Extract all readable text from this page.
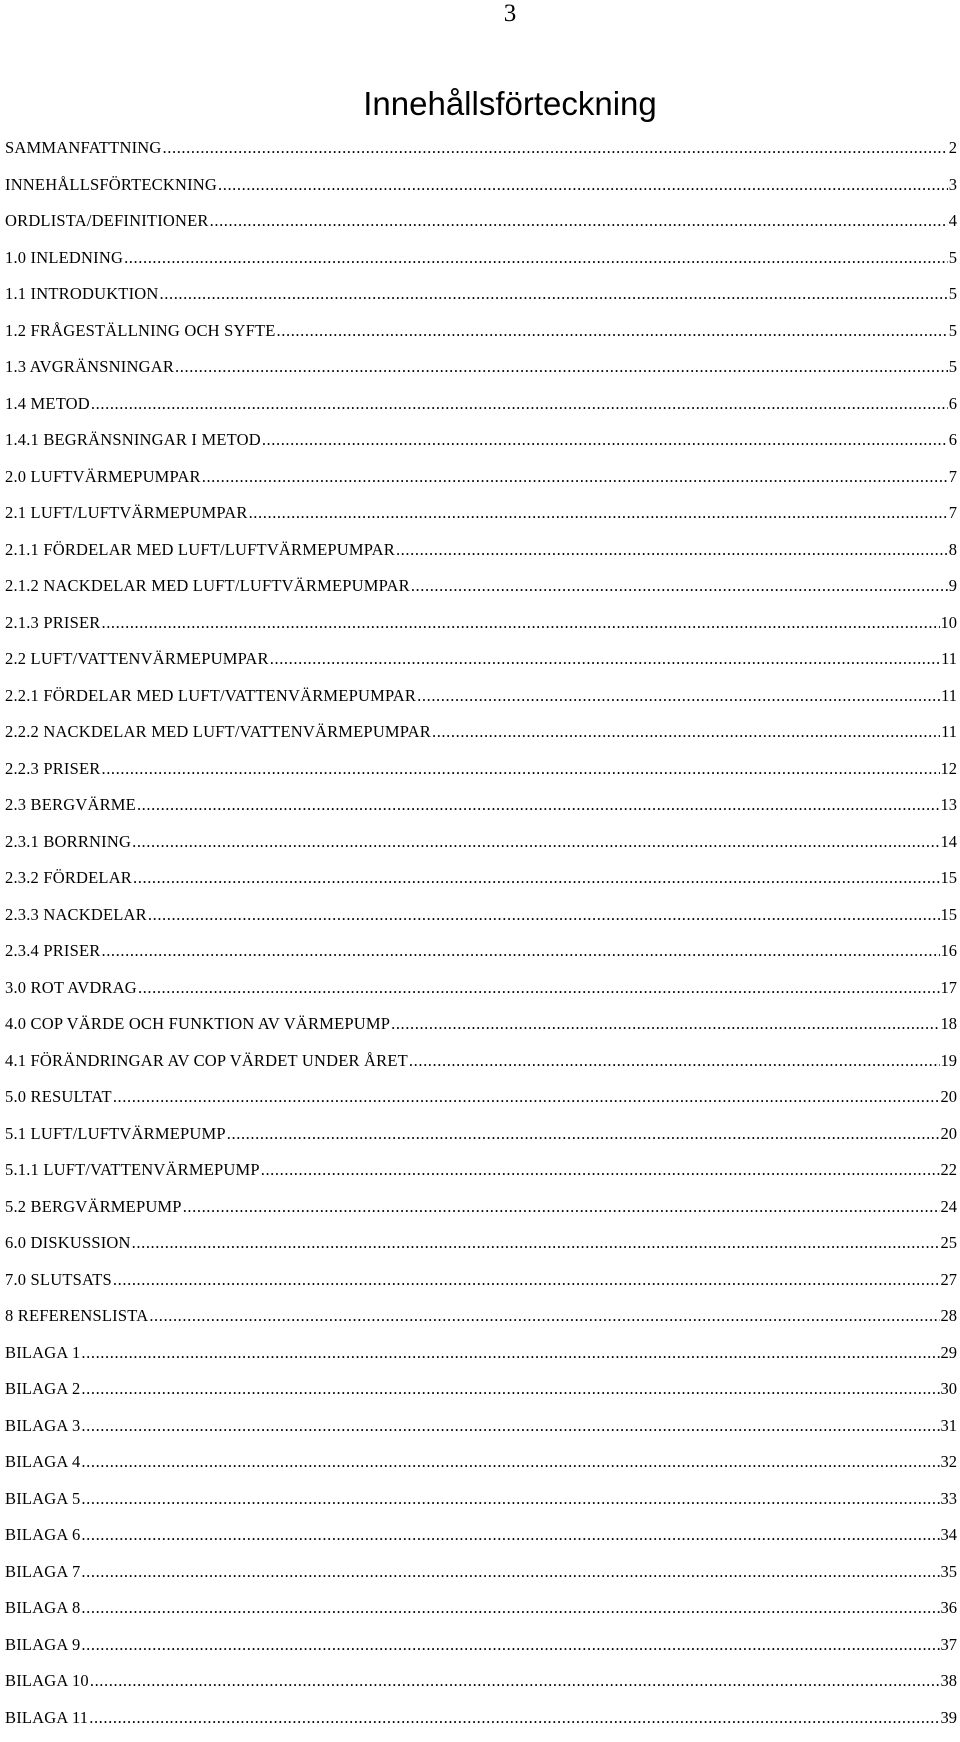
3
Innehållsförteckning
SAMMANFATTNING .....	2
INNEHÅLLSFÖRTECKNING .....	3
ORDLISTA/DEFINITIONER .....	4
1.0 INLEDNING .....	5
1.1 INTRODUKTION .....	5
1.2 FRÅGESTÄLLNING OCH SYFTE .....	5
1.3 AVGRÄNSNINGAR .....	5
1.4 METOD .....	6
1.4.1 BEGRÄNSNINGAR I METOD .....	6
2.0 LUFTVÄRMEPUMPAR .....	7
2.1 LUFT/LUFTVÄRMEPUMPAR .....	7
2.1.1 FÖRDELAR MED LUFT/LUFTVÄRMEPUMPAR .....	8
2.1.2 NACKDELAR MED LUFT/LUFTVÄRMEPUMPAR .....	9
2.1.3 PRISER .....	10
2.2 LUFT/VATTENVÄRMEPUMPAR .....	11
2.2.1 FÖRDELAR MED LUFT/VATTENVÄRMEPUMPAR .....	11
2.2.2 NACKDELAR MED LUFT/VATTENVÄRMEPUMPAR .....	11
2.2.3 PRISER .....	12
2.3 BERGVÄRME .....	13
2.3.1 BORRNING .....	14
2.3.2 FÖRDELAR .....	15
2.3.3 NACKDELAR .....	15
2.3.4 PRISER .....	16
3.0 ROT AVDRAG .....	17
4.0 COP VÄRDE OCH FUNKTION AV VÄRMEPUMP .....	18
4.1 FÖRÄNDRINGAR AV COP VÄRDET UNDER ÅRET .....	19
5.0 RESULTAT .....	20
5.1 LUFT/LUFTVÄRMEPUMP .....	20
5.1.1 LUFT/VATTENVÄRMEPUMP .....	22
5.2 BERGVÄRMEPUMP .....	24
6.0 DISKUSSION .....	25
7.0 SLUTSATS .....	27
8 REFERENSLISTA .....	28
BILAGA 1 .....	29
BILAGA 2 .....	30
BILAGA 3 .....	31
BILAGA 4 .....	32
BILAGA 5 .....	33
BILAGA 6 .....	34
BILAGA 7 .....	35
BILAGA 8 .....	36
BILAGA 9 .....	37
BILAGA 10 .....	38
BILAGA 11 .....	39
